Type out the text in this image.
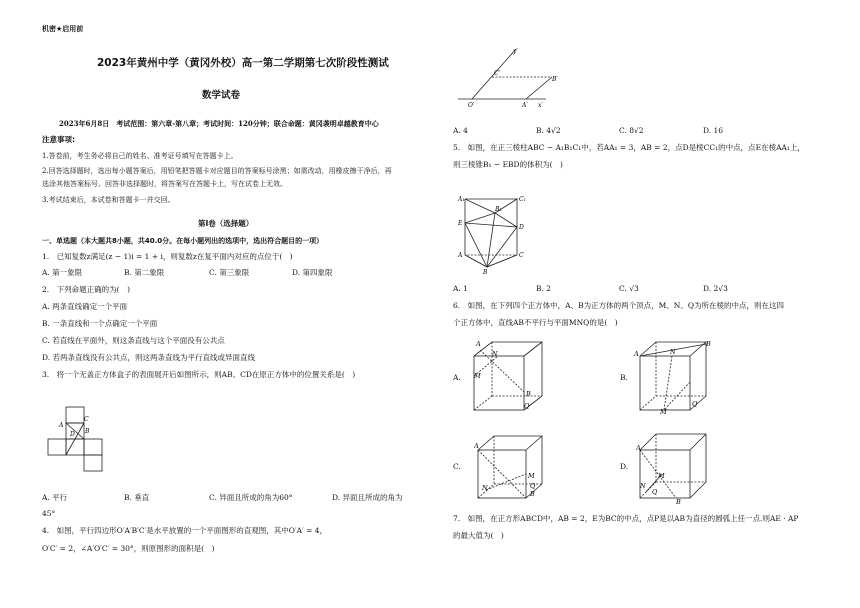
机密★启用前
2023年黄州中学（黄冈外校）高一第二学期第七次阶段性测试
数学试卷
2023年6月8日　考试范围：第六章-第八章；考试时间：120分钟；联合命题：黄冈袭明卓越教育中心
注意事项:
1.答卷前，考生务必将自己的姓名、准考证号填写在答题卡上。
2.回答选择题时，选出每小题答案后，用铅笔把答题卡对应题目的答案标号涂黑；如需改动，用橡皮擦干净后，再
选涂其他答案标号。回答非选择题时，将答案写在答题卡上，写在试卷上无效。
3.考试结束后，本试卷和答题卡一并交回。
第I卷（选择题）
一、单选题（本大题共8小题，共40.0分。在每小题列出的选项中，选出符合题目的一项）
1.　已知复数z满足(z − 1)i = 1 + i，则复数z在复平面内对应的点位于(　)
A. 第一象限	B. 第二象限	C. 第三象限	D. 第四象限
2.　下列命题正确的为(　)
A. 两条直线确定一个平面
B. 一条直线和一个点确定一个平面
C. 若直线在平面外，则这条直线与这个平面没有公共点
D. 若两条直线没有公共点，则这两条直线为平行直线或异面直线
3.　将一个无盖正方体盒子的表面展开后如图所示，则AB、CD在原正方体中的位置关系是(　)
A
B
C
D
A. 平行	B. 垂直	C. 异面且所成的角为60°	D. 异面且所成的角为
45°
4.　如图，平行四边形O′A′B′C′是水平放置的一个平面图形的直观图，其中O′A′ = 4，
O′C′ = 2，∠A′O′C′ = 30°，则原图形的面积是(　)
y′
C′
B′
O′	A′ x′
A. 4	B. 4√2	C. 8√2	D. 16
5.　如图，在正三棱柱ABC − A₁B₁C₁中，若AA₁ = 3，AB = 2，点D是棱CC₁的中点，点E在棱AA₁上，
则三棱锥B₁ − EBD的体积为(　)
A₁
B₁
C₁
E
D
A	C
B
A. 1	B. 2	C. √3	D. 2√3
6.　如图，在下列四个正方体中，A、B为正方体的两个顶点，M、N、Q为所在棱的中点，则在这四
个正方体中，直线AB不平行与平面MNQ的是(　)
A.
A
M
N
B
Q
B.
A
B
N
M
Q
C.
A
B
M
N	Q
D.
A
N
M
Q
B
7.　如图，在正方形ABCD中，AB = 2，E为BC的中点，点P是以AB为直径的圆弧上任一点.则AE · AP
的最大值为(　)
